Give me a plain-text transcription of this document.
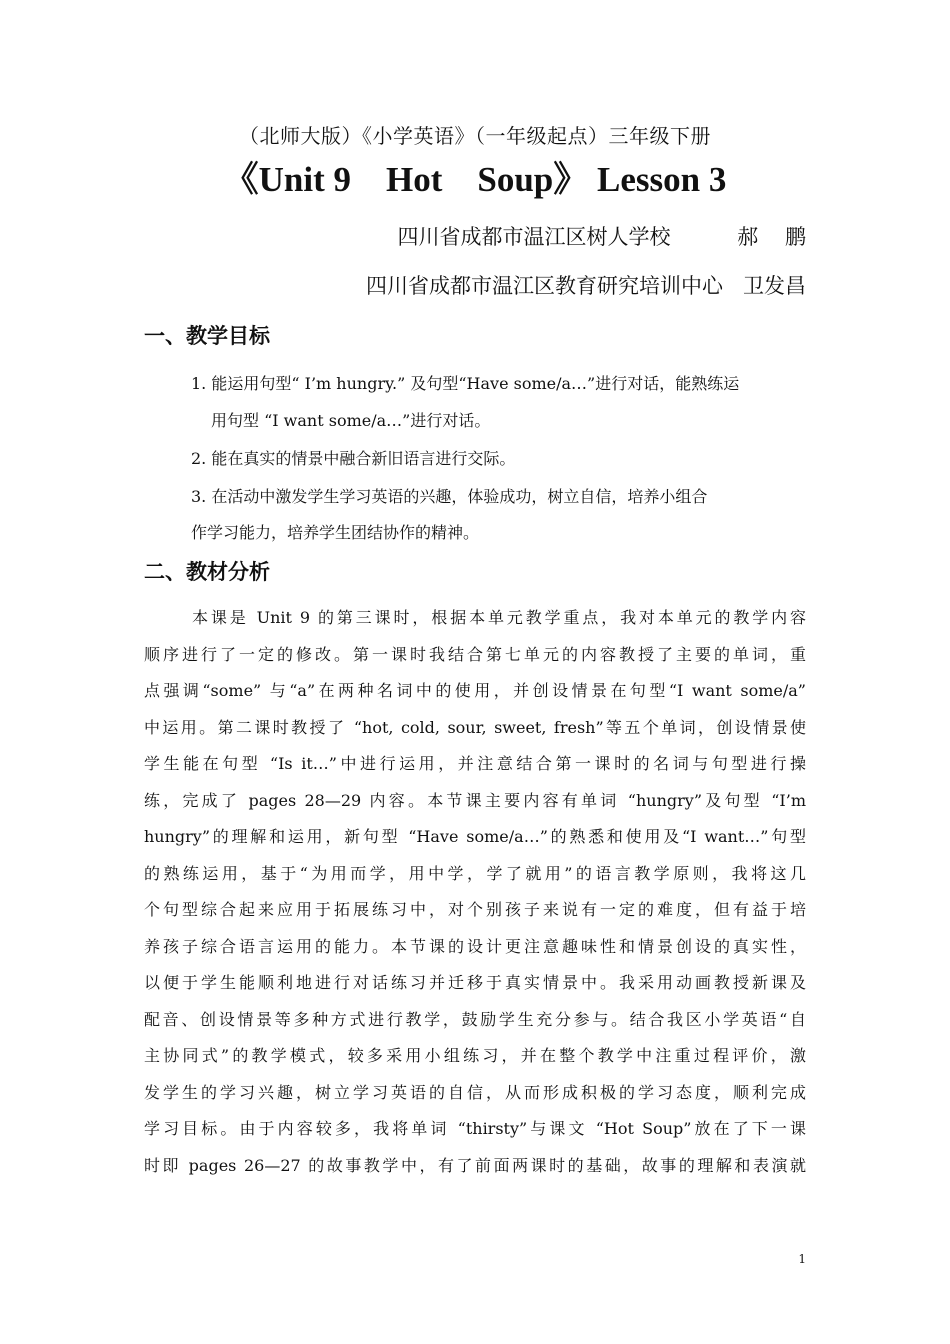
（北师大版）《小学英语》（一年级起点）三年级下册
《Unit 9    Hot    Soup》 Lesson 3
四川省成都市温江区树人学校          郝    鹏
四川省成都市温江区教育研究培训中心   卫发昌
一、教学目标
1. 能运用句型“ I’m hungry.” 及句型“Have some/a…”进行对话，能熟练运
用句型 “I want some/a…”进行对话。
2. 能在真实的情景中融合新旧语言进行交际。
3. 在活动中激发学生学习英语的兴趣，体验成功，树立自信，培养小组合
作学习能力，培养学生团结协作的精神。
二、教材分析
本课是 Unit 9 的第三课时，根据本单元教学重点，我对本单元的教学内容
顺序进行了一定的修改。第一课时我结合第七单元的内容教授了主要的单词，重
点强调“some” 与“a”在两种名词中的使用，并创设情景在句型“I want some/a”
中运用。第二课时教授了 “hot, cold, sour, sweet, fresh”等五个单词，创设情景使
学生能在句型 “Is it…”中进行运用，并注意结合第一课时的名词与句型进行操
练，完成了 pages 28—29 内容。本节课主要内容有单词 “hungry”及句型 “I’m
hungry”的理解和运用，新句型 “Have some/a…”的熟悉和使用及“I want…”句型
的熟练运用，基于“为用而学，用中学，学了就用”的语言教学原则，我将这几
个句型综合起来应用于拓展练习中，对个别孩子来说有一定的难度，但有益于培
养孩子综合语言运用的能力。本节课的设计更注意趣味性和情景创设的真实性，
以便于学生能顺利地进行对话练习并迁移于真实情景中。我采用动画教授新课及
配音、创设情景等多种方式进行教学，鼓励学生充分参与。结合我区小学英语“自
主协同式”的教学模式，较多采用小组练习，并在整个教学中注重过程评价，激
发学生的学习兴趣，树立学习英语的自信，从而形成积极的学习态度，顺利完成
学习目标。由于内容较多，我将单词 “thirsty”与课文 “Hot Soup”放在了下一课
时即 pages 26—27 的故事教学中，有了前面两课时的基础，故事的理解和表演就
1
